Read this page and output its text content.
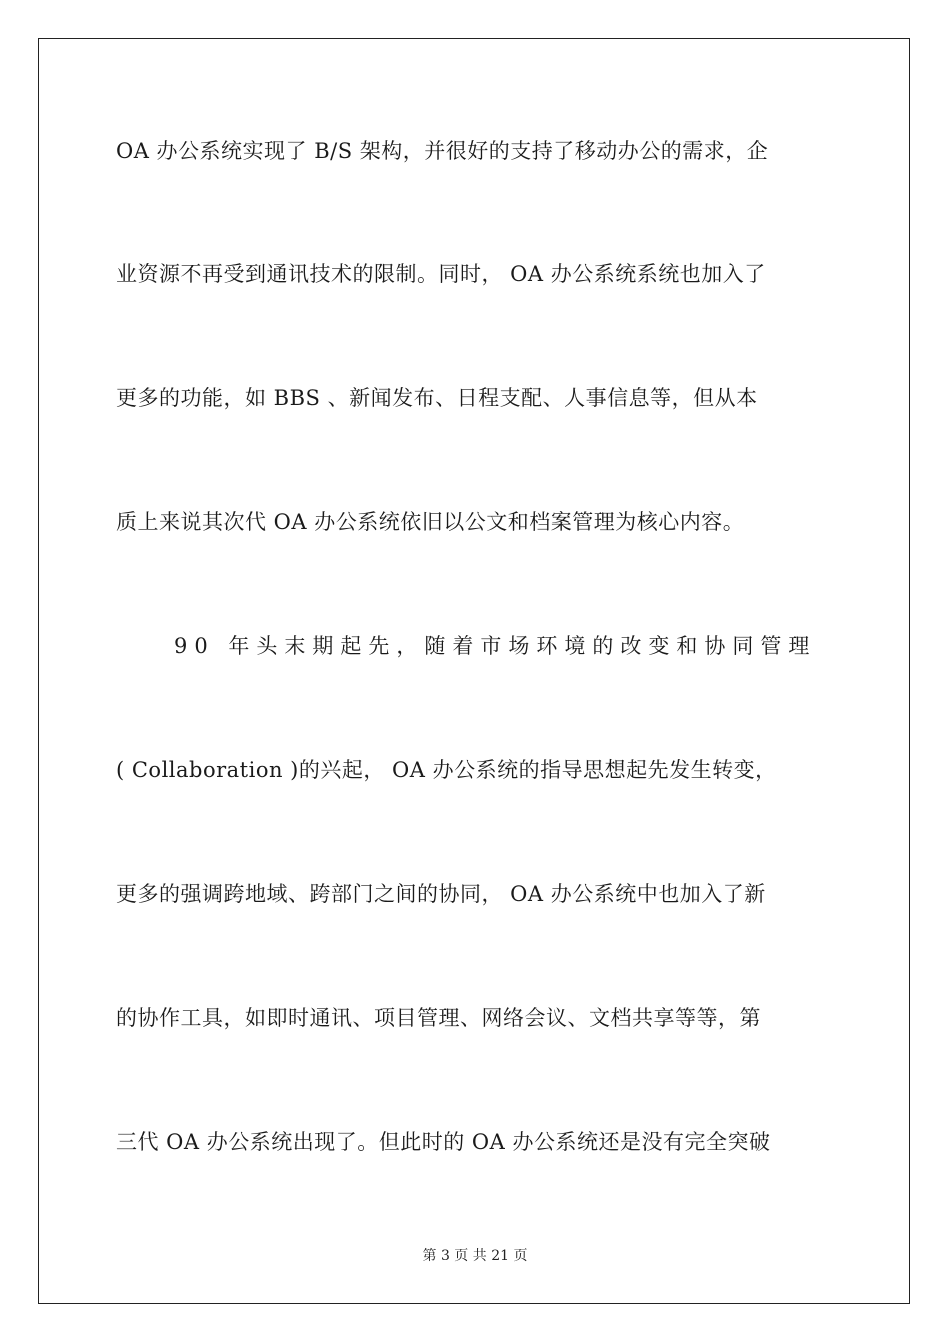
OA 办公系统实现了 B/S 架构，并很好的支持了移动办公的需求，企
业资源不再受到通讯技术的限制。同时， OA 办公系统系统也加入了
更多的功能，如 BBS 、新闻发布、日程支配、人事信息等，但从本
质上来说其次代 OA 办公系统依旧以公文和档案管理为核心内容。
90 年头末期起先，随着市场环境的改变和协同管理
( Collaboration )的兴起， OA 办公系统的指导思想起先发生转变，
更多的强调跨地域、跨部门之间的协同， OA 办公系统中也加入了新
的协作工具，如即时通讯、项目管理、网络会议、文档共享等等，第
三代 OA 办公系统出现了。但此时的 OA 办公系统还是没有完全突破
第 3 页 共 21 页
